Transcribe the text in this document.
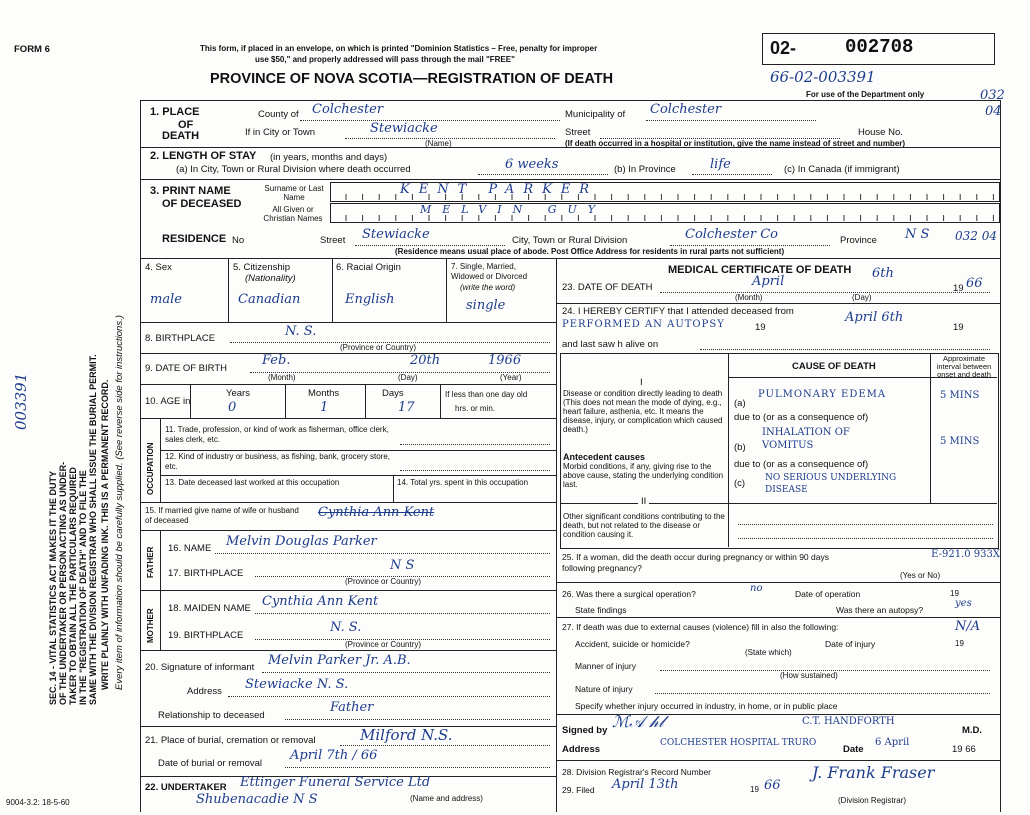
FORM 6	This form, if placed in an envelope, on which is printed "Dominion Statistics – Free, penalty for improper
use $50," and properly addressed will pass through the mail "FREE"
PROVINCE OF NOVA SCOTIA—REGISTRATION OF DEATH
02-	002708
66-02-003391
For use of the Department only	032
04
SEC. 14 - VITAL STATISTICS ACT MAKES IT THE DUTY OF THE UNDERTAKER OR PERSON ACTING AS UNDER- TAKER TO OBTAIN ALL THE PARTICULARS REQUIRED IN THE "REGISTRATION OF DEATH" AND TO FILE THE SAME WITH THE DIVISION REGISTRAR WHO SHALL ISSUE THE BURIAL PERMIT. WRITE PLAINLY WITH UNFADING INK. THIS IS A PERMANENT RECORD. Every item of information should be carefully supplied. (See reverse side for instructions.)
003391
1. PLACE
OF
DEATH
County of Colchester	Municipality of Colchester
If in City or Town	Stewiacke
(Name)
Street	House No.
(If death occurred in a hospital or institution, give the name instead of street and number)
2. LENGTH OF STAY (in years, months and days)
(a) In City, Town or Rural Division where death occurred	6 weeks	(b) In Province	life	(c) In Canada (if immigrant)
3. PRINT NAME
OF DECEASED
Surname or Last Name
All Given or Christian Names
KENT PARKER
MELVIN GUY
RESIDENCE No	Street Stewiacke	City, Town or Rural Division	Colchester Co	Province N S 032 04
(Residence means usual place of abode. Post Office Address for residents in rural parts not sufficient)
4. Sex
male
5. Citizenship
(Nationality)
Canadian
6. Racial Origin
English
7. Single, Married, Widowed or Divorced
(write the word)
single
8. BIRTHPLACE	N. S.
(Province or Country)
9. DATE OF BIRTH
Feb.	20th	1966
(Month)	(Day)	(Year)
10. AGE in
Years	Months	Days
0	1	17
If less than one day old
hrs. or min.
OCCUPATION
11. Trade, profession, or kind of work as fisherman, office clerk, sales clerk, etc.
12. Kind of industry or business, as fishing, bank, grocery store, etc.
13. Date deceased last worked at this occupation	14. Total yrs. spent in this occupation
15. If married give name of wife or husband of deceased
Cynthia Ann Kent
FATHER 16. NAME Melvin Douglas Parker
17. BIRTHPLACE
N S
(Province or Country)
MOTHER 18. MAIDEN NAME Cynthia Ann Kent
19. BIRTHPLACE
N. S.
(Province or Country)
20. Signature of informant Melvin Parker Jr. A.B.
Address Stewiacke N. S.
Relationship to deceased
Father
21. Place of burial, cremation or removal	Milford N.S.
Date of burial or removal
April 7th / 66
22. UNDERTAKER Ettinger Funeral Service Ltd
Shubenacadie N S	(Name and address)
9004-3.2: 18-5-60
MEDICAL CERTIFICATE OF DEATH
23. DATE OF DEATH	April
6th
19 66
(Month)	(Day)
24. I HEREBY CERTIFY that I attended deceased from
PERFORMED AN AUTOPSY	19
April 6th
19
and last saw h alive on
CAUSE OF DEATH
Approximate interval between onset and death
I
Disease or condition directly leading to death (This does not mean the mode of dying, e.g., heart failure, asthenia, etc. It means the disease, injury, or complication which caused death.)
(a)
PULMONARY EDEMA	5 MINS
due to (or as a consequence of)
(b)
INHALATION OF VOMITUS	5 MINS
Antecedent causes
Morbid conditions, if any, giving rise to the above cause, stating the underlying condition last.
due to (or as a consequence of)
(c) NO SERIOUS UNDERLYING DISEASE
II
Other significant conditions contributing to the death, but not related to the disease or condition causing it.
25. If a woman, did the death occur during pregnancy or within 90 days following pregnancy?
(Yes or No)
E-921.0 933X
26. Was there a surgical operation?	no	Date of operation	19
State findings	Was there an autopsy?
yes
27. If death was due to external causes (violence) fill in also the following:	N/A
Accident, suicide or homicide?	Date of injury	19
(State which)
Manner of injury
(How sustained)
Nature of injury
Specify whether injury occurred in industry, in home, or in public place
Signed by ℳ𝒜 𝒽𝓁	C.T. HANDFORTH
M.D.
Address
COLCHESTER HOSPITAL TRURO
Date
6 April
19 66
28. Division Registrar's Record Number
29. Filed April 13th	19 66
J. Frank Fraser
(Division Registrar)
